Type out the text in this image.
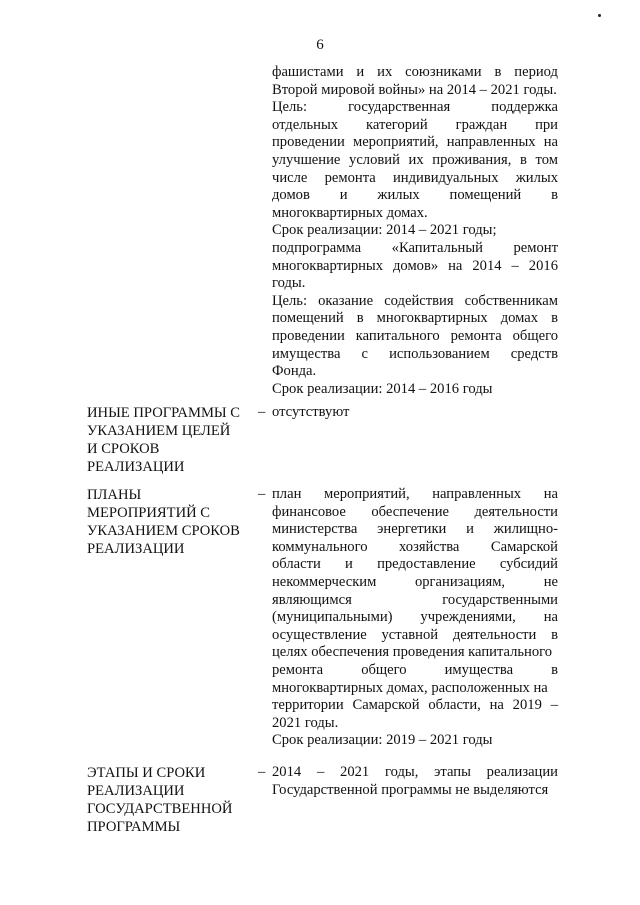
6

фашистами и их союзниками в период

Второй мировой войны» на 2014 – 2021 годы.

Цель: государственная поддержка

отдельных категорий граждан при

проведении мероприятий, направленных на

улучшение условий их проживания, в том

числе ремонта индивидуальных жилых

домов и жилых помещений в

многоквартирных домах.

Срок реализации: 2014 – 2021 годы;

подпрограмма «Капитальный ремонт

многоквартирных домов» на 2014 – 2016

годы.

Цель: оказание содействия собственникам

помещений в многоквартирных домах в

проведении капитального ремонта общего

имущества с использованием средств

Фонда.

Срок реализации: 2014 – 2016 годы

ИНЫЕ ПРОГРАММЫ С
УКАЗАНИЕМ ЦЕЛЕЙ
И СРОКОВ
РЕАЛИЗАЦИИ
– отсутствуют

ПЛАНЫ
МЕРОПРИЯТИЙ С
УКАЗАНИЕМ СРОКОВ
РЕАЛИЗАЦИИ
– план мероприятий, направленных на

финансовое обеспечение деятельности

министерства энергетики и жилищно-

коммунального хозяйства Самарской

области и предоставление субсидий

некоммерческим организациям, не

являющимся государственными

(муниципальными) учреждениями, на

осуществление уставной деятельности в

целях обеспечения проведения капитального

ремонта общего имущества в

многоквартирных домах, расположенных на

территории Самарской области, на 2019 –

2021 годы.

Срок реализации: 2019 – 2021 годы

ЭТАПЫ И СРОКИ
РЕАЛИЗАЦИИ
ГОСУДАРСТВЕННОЙ
ПРОГРАММЫ
– 2014 – 2021 годы, этапы реализации

Государственной программы не выделяются
